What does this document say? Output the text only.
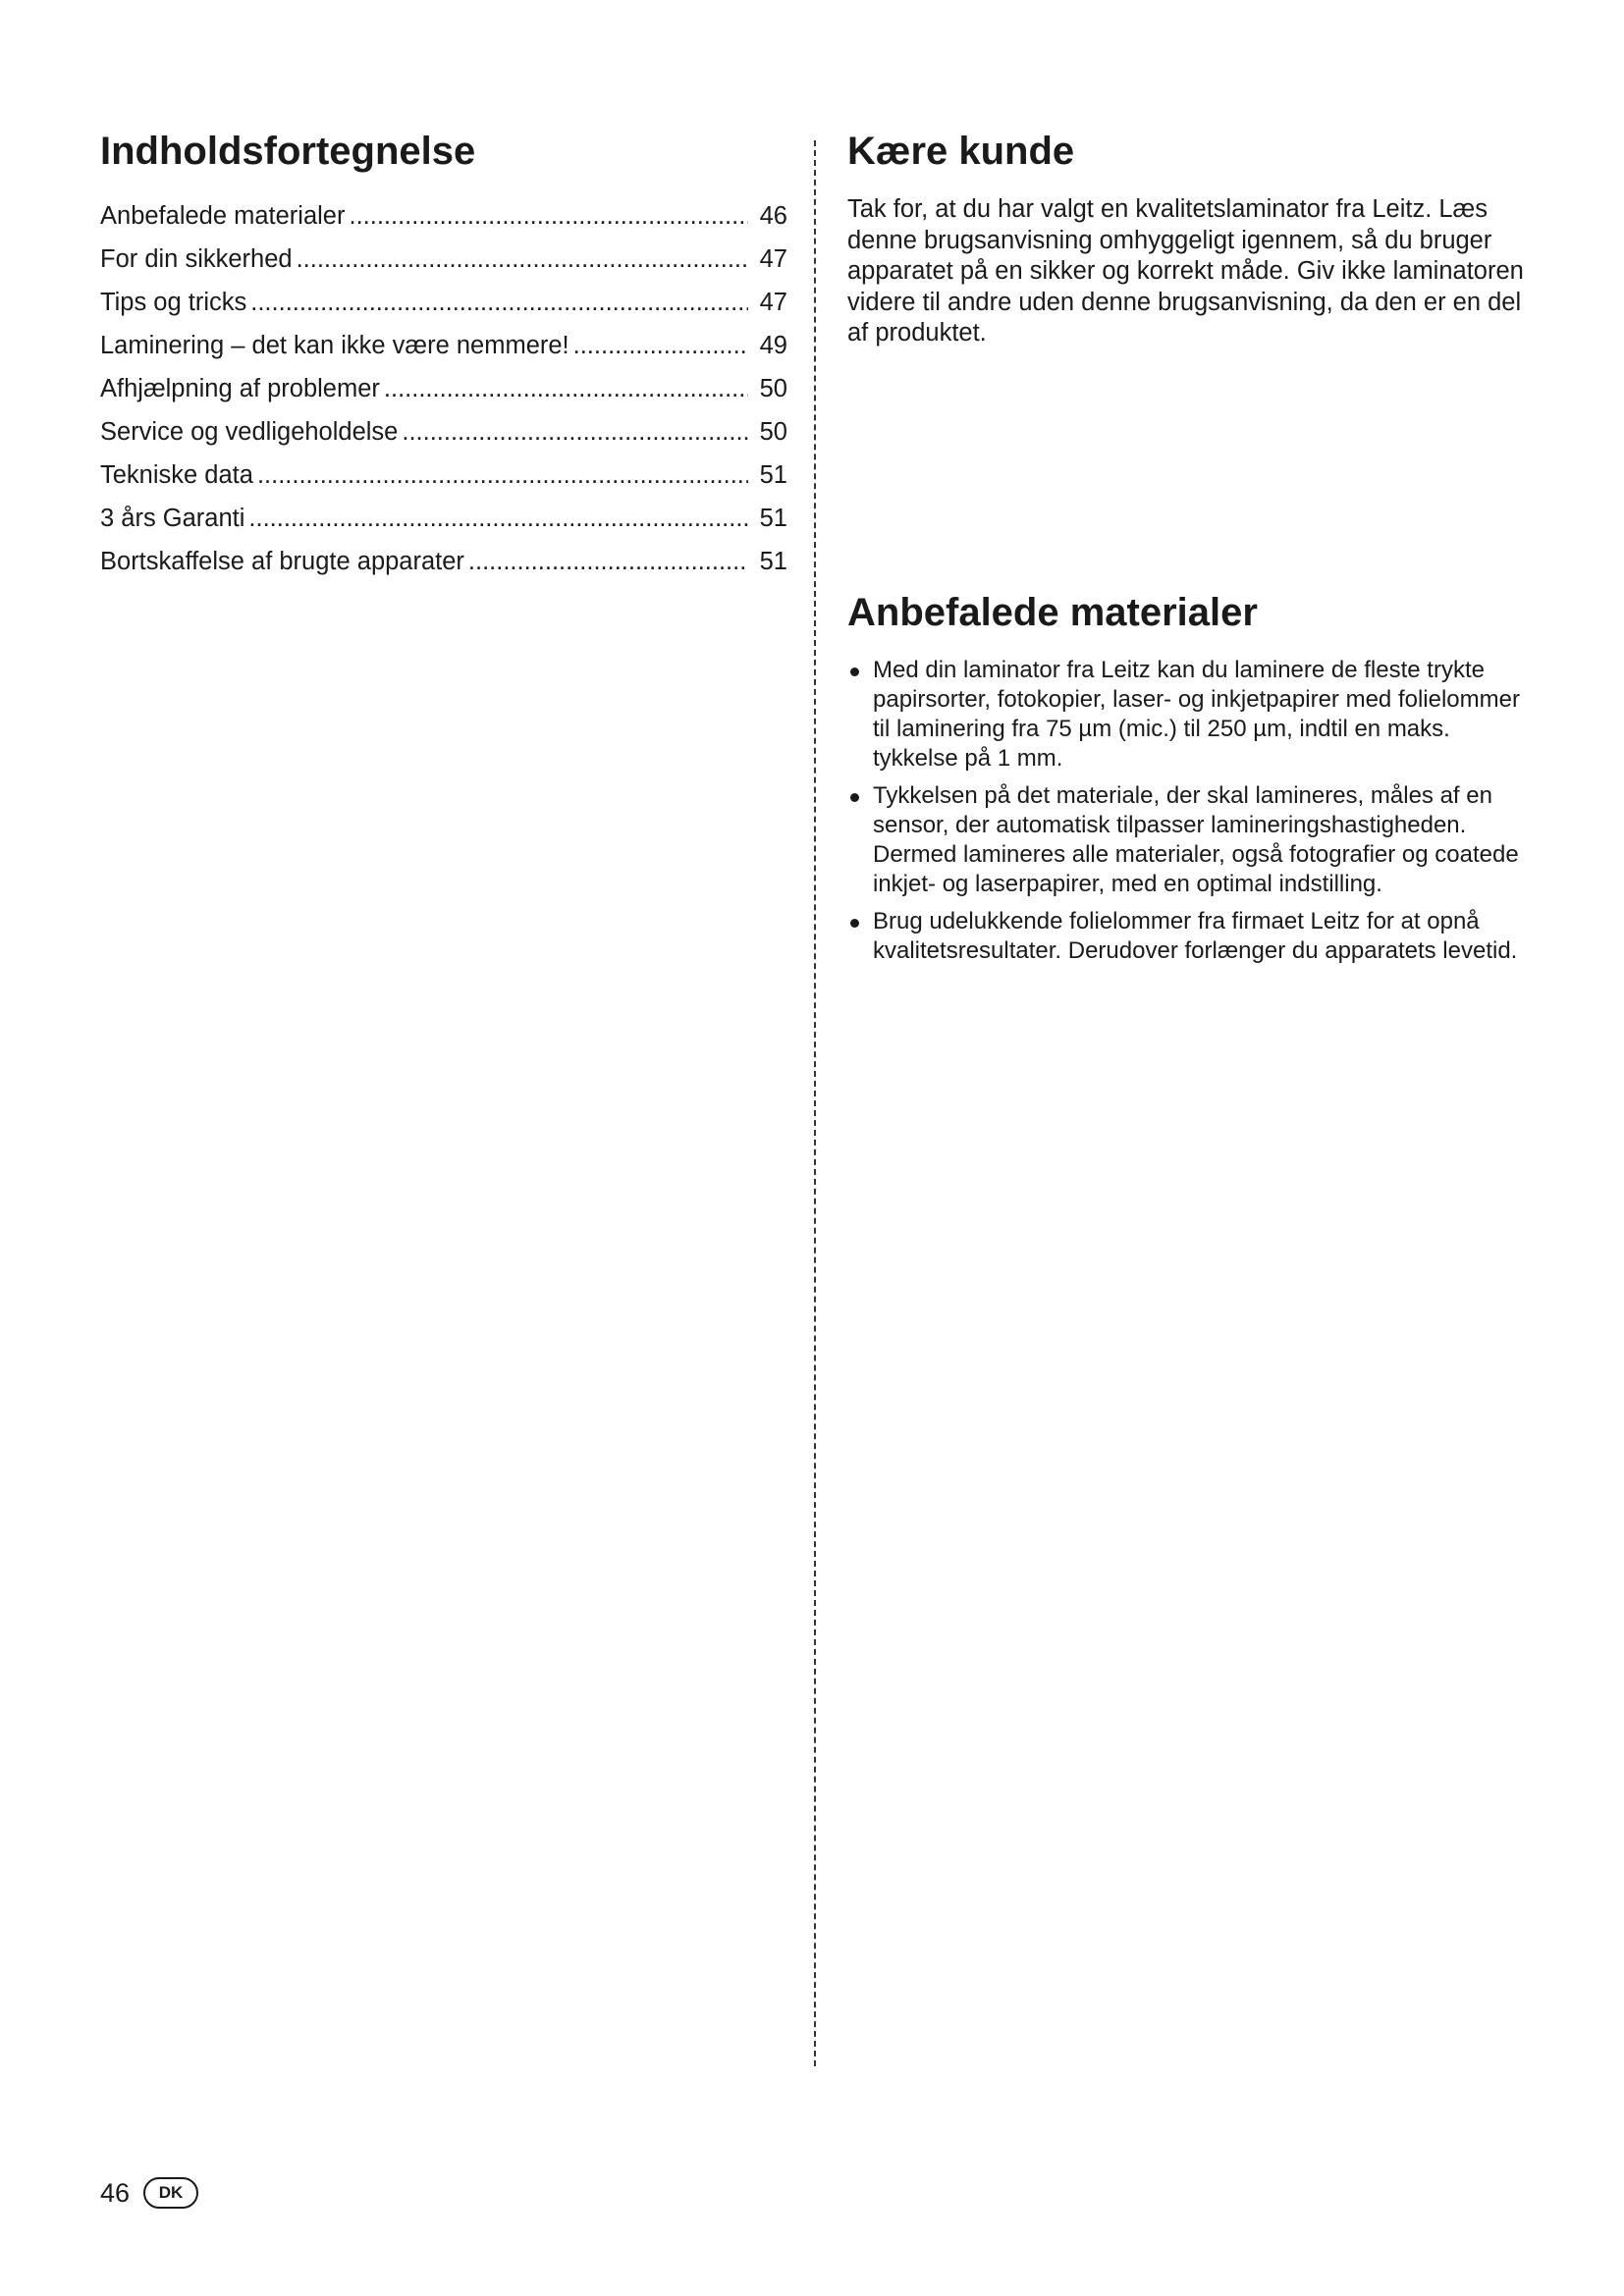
Indholdsfortegnelse
Anbefalede materialer .....	46
For din sikkerhed .....	47
Tips og tricks .....	47
Laminering – det kan ikke være nemmere! .....	49
Afhjælpning af problemer .....	50
Service og vedligeholdelse .....	50
Tekniske data .....	51
3 års Garanti .....	51
Bortskaffelse af brugte apparater .....	51
Kære kunde

Tak for, at du har valgt en kvalitetslaminator fra Leitz. Læs denne brugsanvisning omhyggeligt igennem, så du bruger apparatet på en sikker og korrekt måde. Giv ikke laminatoren videre til andre uden denne brugsanvisning, da den er en del af produktet.

Anbefalede materialer
Med din laminator fra Leitz kan du laminere de fleste trykte papirsorter, fotokopier, laser- og inkjetpapirer med folielommer til laminering fra 75 µm (mic.) til 250 µm, indtil en maks. tykkelse på 1 mm.
Tykkelsen på det materiale, der skal lamineres, måles af en sensor, der automatisk tilpasser lamineringshastigheden. Dermed lamineres alle materialer, også fotografier og coatede inkjet- og laserpapirer, med en optimal indstilling.
Brug udelukkende folielommer fra firmaet Leitz for at opnå kvalitetsresultater. Derudover forlænger du apparatets levetid.
46	DK
